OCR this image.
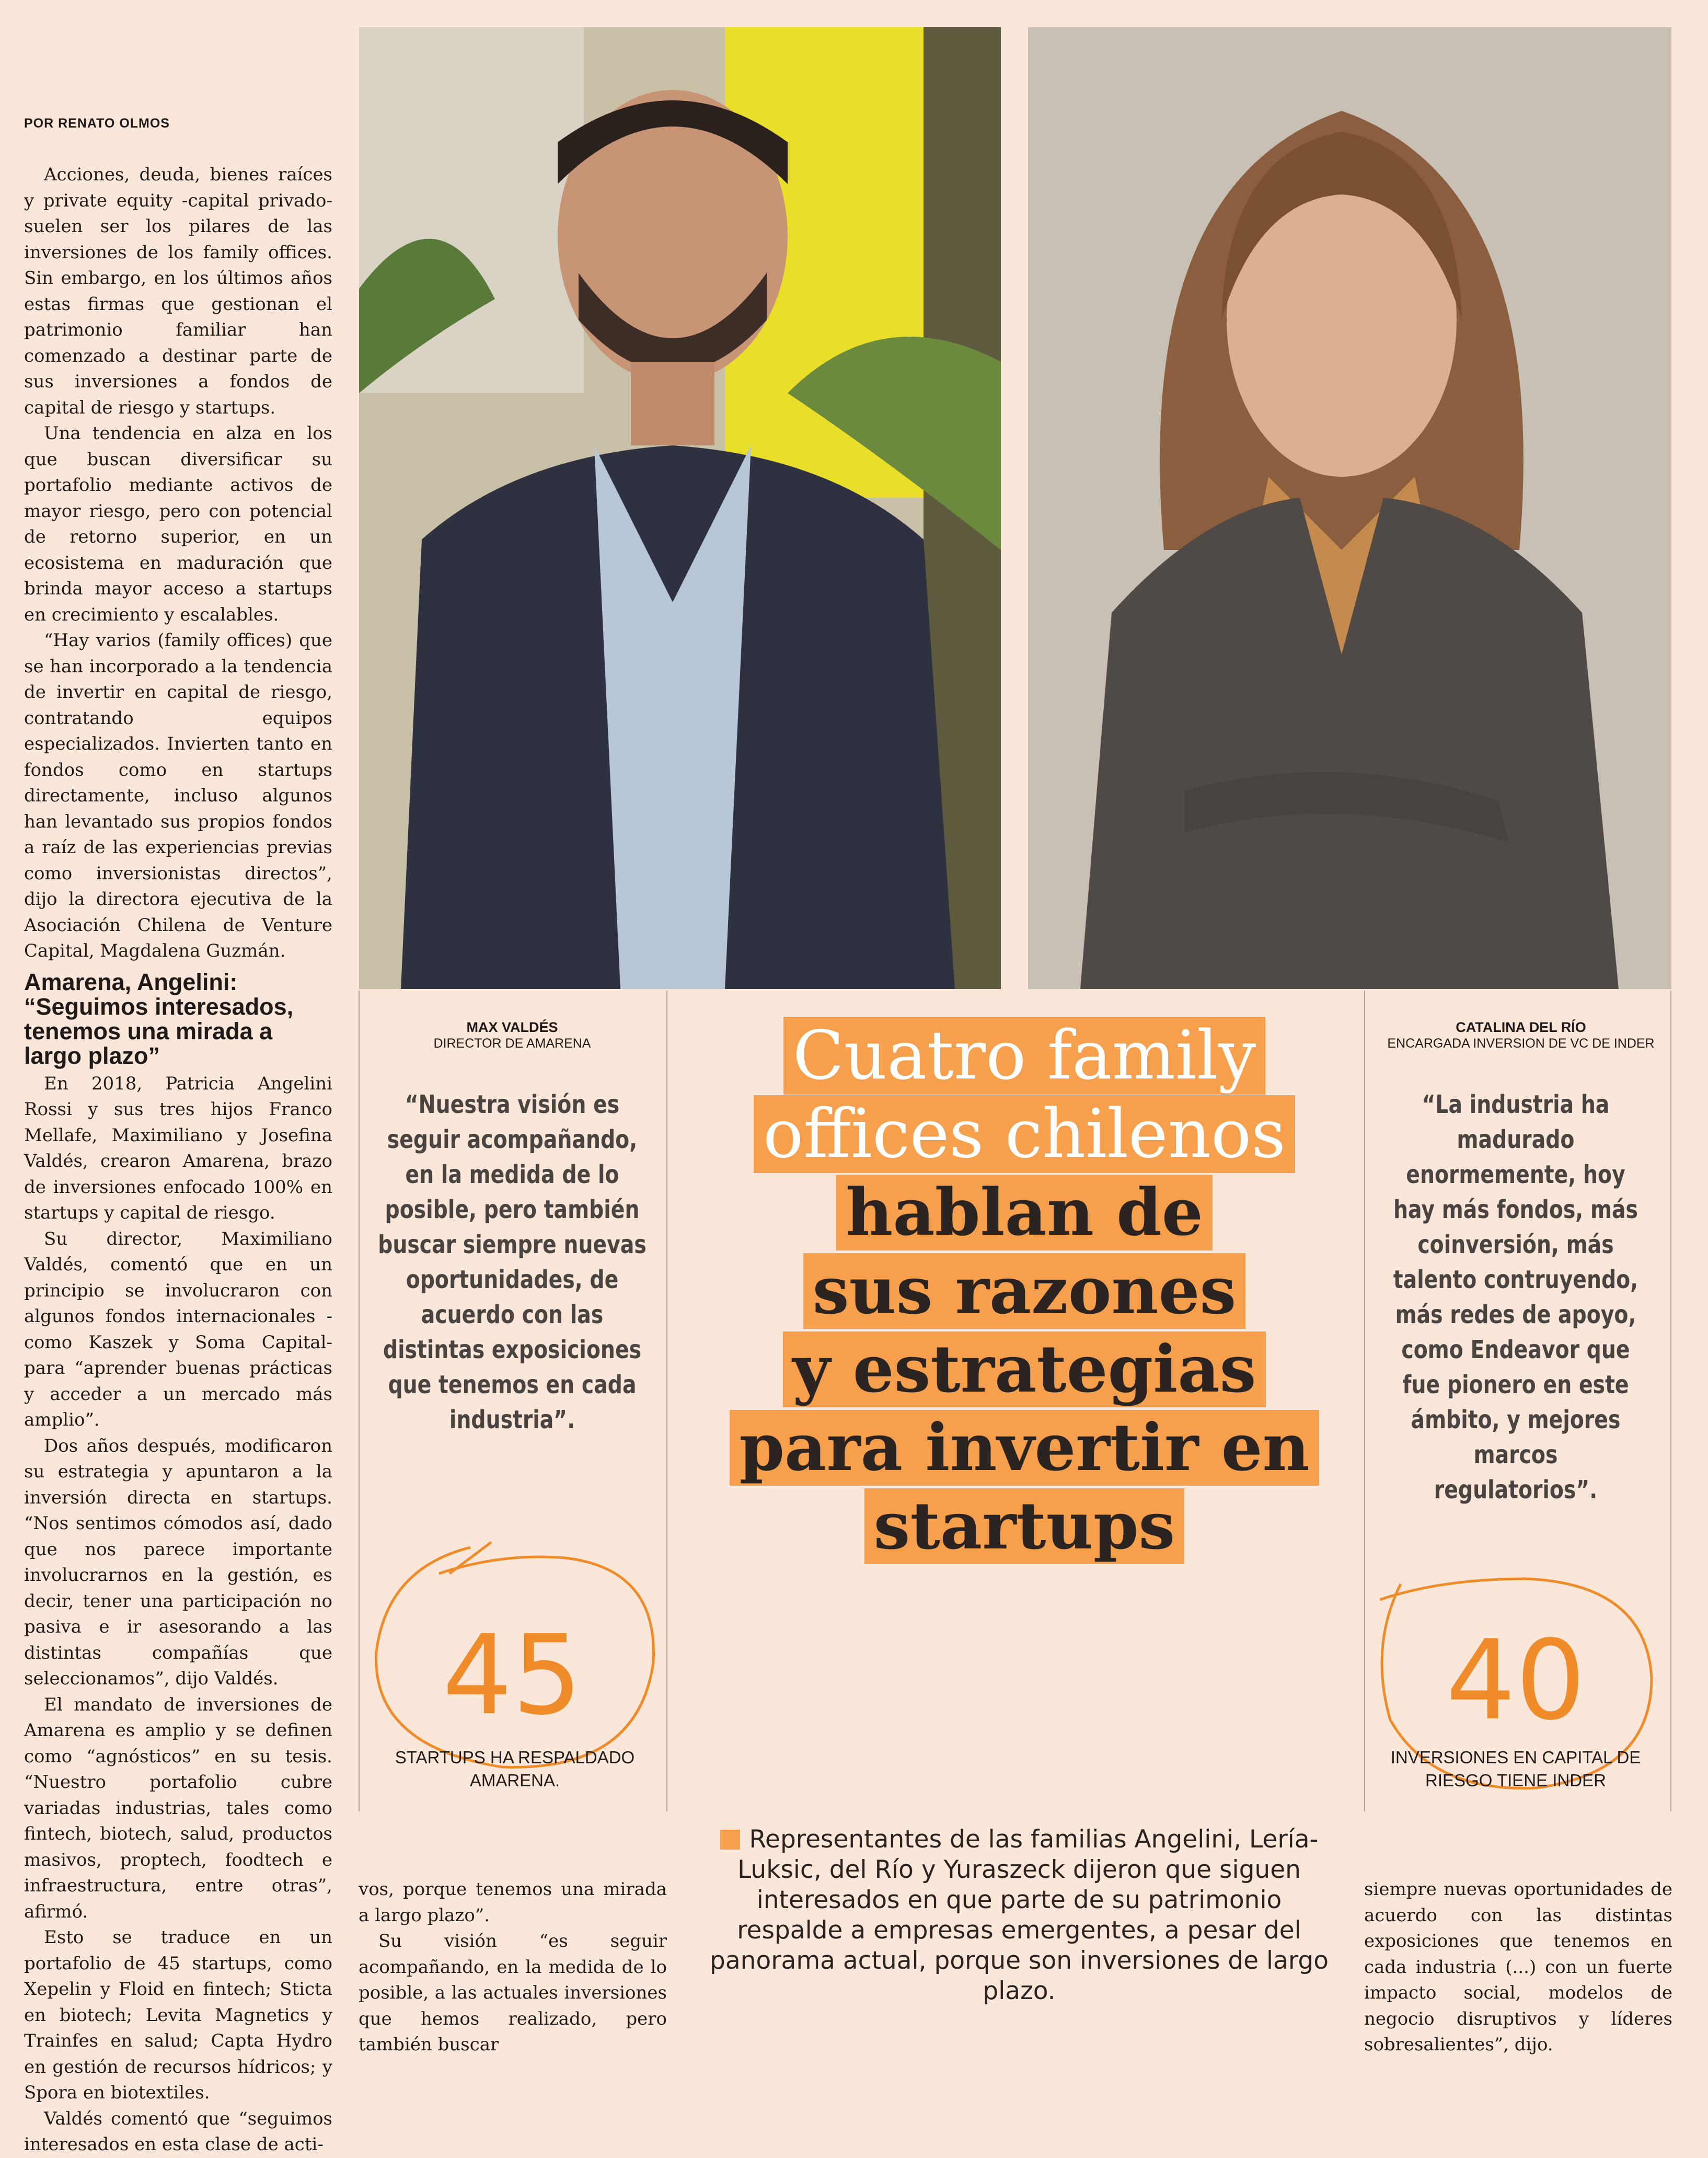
POR RENATO OLMOS

Acciones, deuda, bienes raíces y private equity -capital privado- suelen ser los pilares de las inversiones de los family offices. Sin embargo, en los últimos años estas firmas que gestionan el patrimonio familiar han comenzado a destinar parte de sus inversiones a fondos de capital de riesgo y startups.

Una tendencia en alza en los que buscan diversificar su portafolio mediante activos de mayor riesgo, pero con potencial de retorno superior, en un ecosistema en maduración que brinda mayor acceso a startups en crecimiento y escalables.

“Hay varios (family offices) que se han incorporado a la tendencia de invertir en capital de riesgo, contratando equipos especializados. Invierten tanto en fondos como en startups directamente, incluso algunos han levantado sus propios fondos a raíz de las experiencias previas como inversionistas directos”, dijo la directora ejecutiva de la Asociación Chilena de Venture Capital, Magdalena Guzmán.

Amarena, Angelini: “Seguimos interesados, tenemos una mirada a largo plazo”

En 2018, Patricia Angelini Rossi y sus tres hijos Franco Mellafe, Maximiliano y Josefina Valdés, crearon Amarena, brazo de inversiones enfocado 100% en startups y capital de riesgo.

Su director, Maximiliano Valdés, comentó que en un principio se involucraron con algunos fondos internacionales -como Kaszek y Soma Capital- para “aprender buenas prácticas y acceder a un mercado más amplio”.

Dos años después, modificaron su estrategia y apuntaron a la inversión directa en startups. “Nos sentimos cómodos así, dado que nos parece importante involucrarnos en la gestión, es decir, tener una participación no pasiva e ir asesorando a las distintas compañías que seleccionamos”, dijo Valdés.

El mandato de inversiones de Amarena es amplio y se definen como “agnósticos” en su tesis. “Nuestro portafolio cubre variadas industrias, tales como fintech, biotech, salud, productos masivos, proptech, foodtech e infraestructura, entre otras”, afirmó.

Esto se traduce en un portafolio de 45 startups, como Xepelin y Floid en fintech; Sticta en biotech; Levita Magnetics y Trainfes en salud; Capta Hydro en gestión de recursos hídricos; y Spora en biotextiles.

Valdés comentó que “seguimos interesados en esta clase de acti-

MAX VALDÉS
DIRECTOR DE AMARENA
“Nuestra visión es seguir acompañando, en la medida de lo posible, pero también buscar siempre nuevas oportunidades, de acuerdo con las distintas exposiciones que tenemos en cada industria”.
45
STARTUPS HA RESPALDADO AMARENA.
CATALINA DEL RÍO
ENCARGADA INVERSION DE VC DE INDER
“La industria ha madurado enormemente, hoy hay más fondos, más coinversión, más talento contruyendo, más redes de apoyo, como Endeavor que fue pionero en este ámbito, y mejores marcos regulatorios”.
40
INVERSIONES EN CAPITAL DE RIESGO TIENE INDER
Cuatro family
offices chilenos
hablan de
sus razones
y estrategias
para invertir en
startups

vos, porque tenemos una mirada a largo plazo”.

Su visión “es seguir acompañando, en la medida de lo posible, a las actuales inversiones que hemos realizado, pero también buscar

Representantes de las familias Angelini, Lería-Luksic, del Río y Yuraszeck dijeron que siguen interesados en que parte de su patrimonio respalde a empresas emergentes, a pesar del panorama actual, porque son inversiones de largo plazo.

siempre nuevas oportunidades de acuerdo con las distintas exposiciones que tenemos en cada industria (...) con un fuerte impacto social, modelos de negocio disruptivos y líderes sobresalientes”, dijo.
